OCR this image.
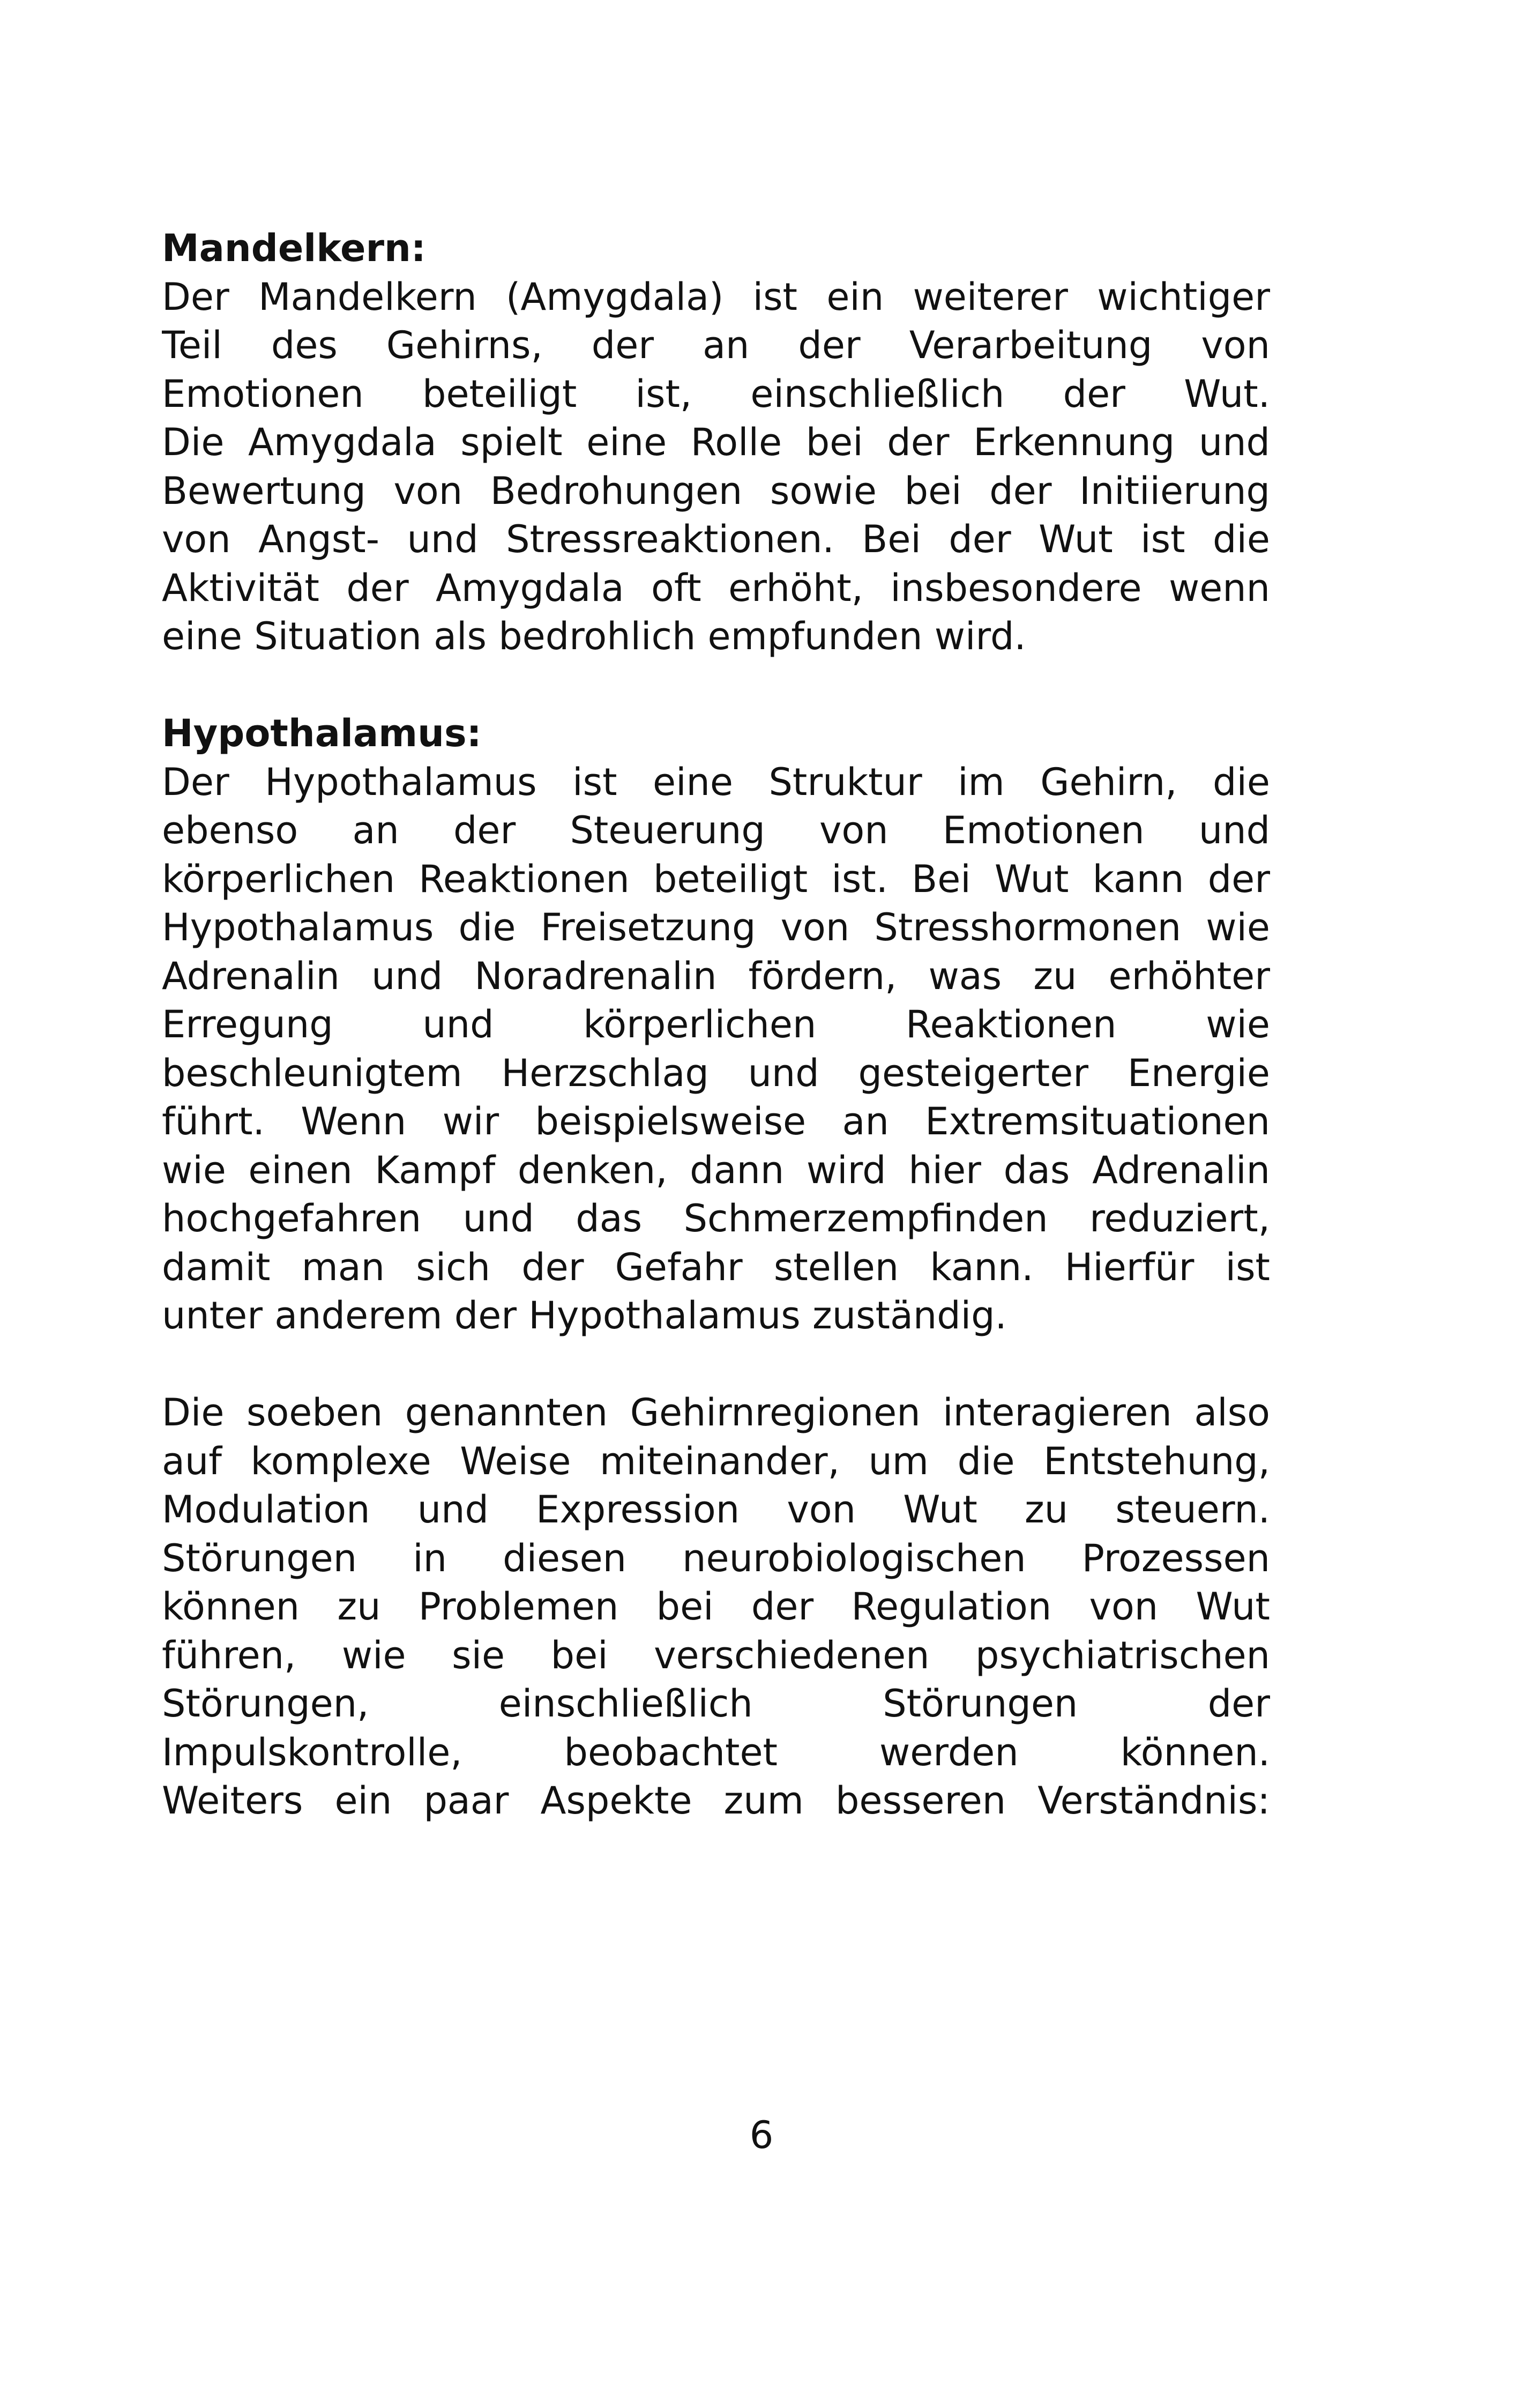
Mandelkern:
Der Mandelkern (Amygdala) ist ein weiterer wichtiger
Teil des Gehirns, der an der Verarbeitung von
Emotionen beteiligt ist, einschließlich der Wut.
Die Amygdala spielt eine Rolle bei der Erkennung und
Bewertung von Bedrohungen sowie bei der Initiierung
von Angst- und Stressreaktionen. Bei der Wut ist die
Aktivität der Amygdala oft erhöht, insbesondere wenn
eine Situation als bedrohlich empfunden wird.
Hypothalamus:
Der Hypothalamus ist eine Struktur im Gehirn, die
ebenso an der Steuerung von Emotionen und
körperlichen Reaktionen beteiligt ist. Bei Wut kann der
Hypothalamus die Freisetzung von Stresshormonen wie
Adrenalin und Noradrenalin fördern, was zu erhöhter
Erregung und körperlichen Reaktionen wie
beschleunigtem Herzschlag und gesteigerter Energie
führt. Wenn wir beispielsweise an Extremsituationen
wie einen Kampf denken, dann wird hier das Adrenalin
hochgefahren und das Schmerzempfinden reduziert,
damit man sich der Gefahr stellen kann. Hierfür ist
unter anderem der Hypothalamus zuständig.
Die soeben genannten Gehirnregionen interagieren also
auf komplexe Weise miteinander, um die Entstehung,
Modulation und Expression von Wut zu steuern.
Störungen in diesen neurobiologischen Prozessen
können zu Problemen bei der Regulation von Wut
führen, wie sie bei verschiedenen psychiatrischen
Störungen, einschließlich Störungen der
Impulskontrolle, beobachtet werden können.
Weiters ein paar Aspekte zum besseren Verständnis:
6
